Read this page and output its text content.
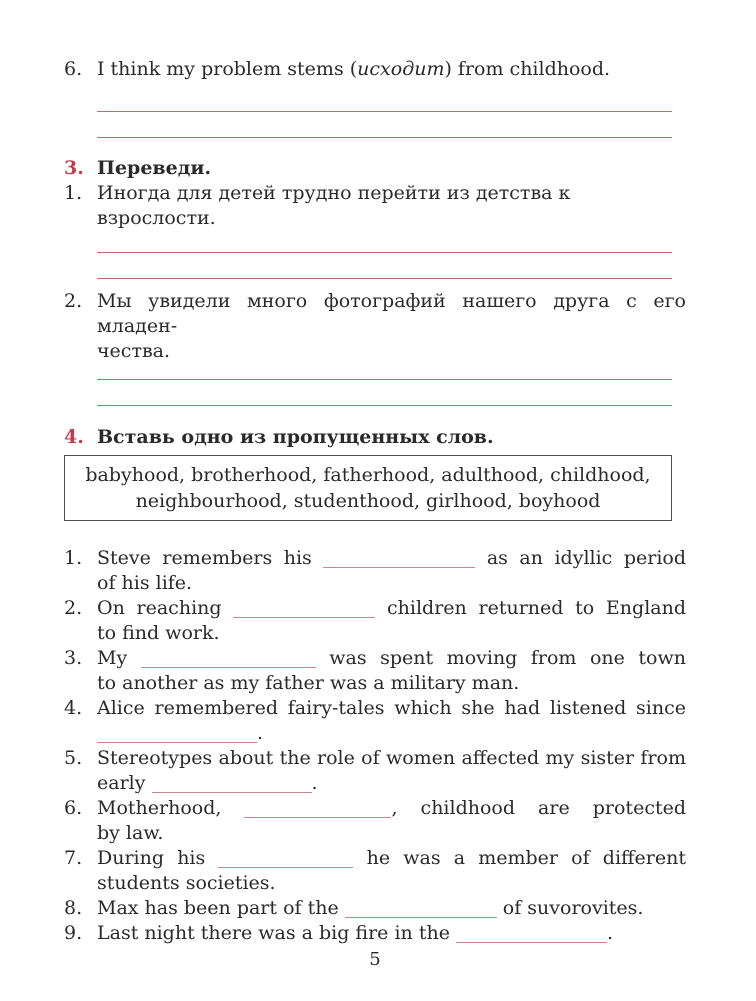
6. I think my problem stems (исходит) from childhood.
3. Переведи.
1. Иногда для детей трудно перейти из детства к взрослости.
2. Мы увидели много фотографий нашего друга с его младен-
чества.
4. Вставь одно из пропущенных слов.
babyhood, brotherhood, fatherhood, adulthood, childhood,
neighbourhood, studenthood, girlhood, boyhood
1. Steve remembers his	as an idyllic period
of his life.
2. On reaching	children returned to England
to find work.
3. My	was spent moving from one town
to another as my father was a military man.
4. Alice remembered fairy-tales which she had listened since
.
5. Stereotypes about the role of women affected my sister from
early	.
6. Motherhood,	, childhood are protected
by law.
7. During his	he was a member of different
students societies.
8. Max has been part of the	of suvorovites.
9. Last night there was a big fire in the	.
5
